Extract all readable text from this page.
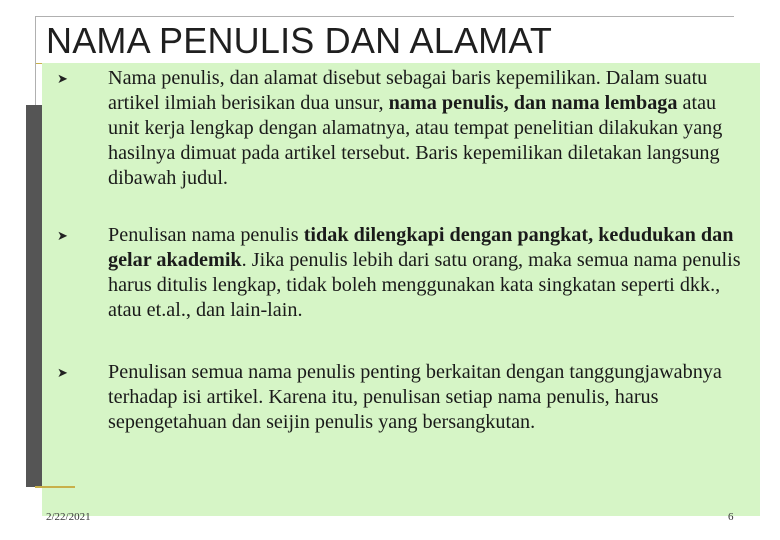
NAMA PENULIS DAN ALAMAT
➤ Nama penulis, dan alamat disebut sebagai baris kepemilikan. Dalam suatu artikel ilmiah berisikan dua unsur, nama penulis, dan nama lembaga atau unit kerja lengkap dengan alamatnya, atau tempat penelitian dilakukan yang hasilnya dimuat pada artikel tersebut. Baris kepemilikan diletakan langsung dibawah judul.
➤ Penulisan nama penulis tidak dilengkapi dengan pangkat, kedudukan dan gelar akademik. Jika penulis lebih dari satu orang, maka semua nama penulis harus ditulis lengkap, tidak boleh menggunakan kata singkatan seperti dkk., atau et.al., dan lain-lain.
➤ Penulisan semua nama penulis penting berkaitan dengan tanggungjawabnya terhadap isi artikel. Karena itu, penulisan setiap nama penulis, harus sepengetahuan dan seijin penulis yang bersangkutan.
2/22/2021	6
